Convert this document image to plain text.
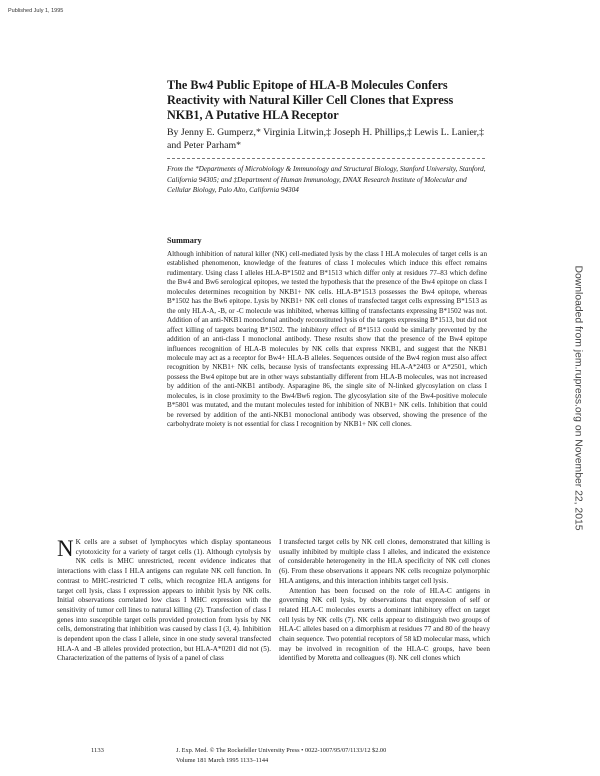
Published July 1, 1995
The Bw4 Public Epitope of HLA-B Molecules Confers Reactivity with Natural Killer Cell Clones that Express NKB1, A Putative HLA Receptor
By Jenny E. Gumperz,* Virginia Litwin,‡ Joseph H. Phillips,‡ Lewis L. Lanier,‡ and Peter Parham*
From the *Departments of Microbiology & Immunology and Structural Biology, Stanford University, Stanford, California 94305; and ‡Department of Human Immunology, DNAX Research Institute of Molecular and Cellular Biology, Palo Alto, California 94304
Summary
Although inhibition of natural killer (NK) cell-mediated lysis by the class I HLA molecules of target cells is an established phenomenon, knowledge of the features of class I molecules which induce this effect remains rudimentary. Using class I alleles HLA-B*1502 and B*1513 which differ only at residues 77–83 which define the Bw4 and Bw6 serological epitopes, we tested the hypothesis that the presence of the Bw4 epitope on class I molecules determines recognition by NKB1+ NK cells. HLA-B*1513 possesses the Bw4 epitope, whereas B*1502 has the Bw6 epitope. Lysis by NKB1+ NK cell clones of transfected target cells expressing B*1513 as the only HLA-A, -B, or -C molecule was inhibited, whereas killing of transfectants expressing B*1502 was not. Addition of an anti-NKB1 monoclonal antibody reconstituted lysis of the targets expressing B*1513, but did not affect killing of targets bearing B*1502. The inhibitory effect of B*1513 could be similarly prevented by the addition of an anti-class I monoclonal antibody. These results show that the presence of the Bw4 epitope influences recognition of HLA-B molecules by NK cells that express NKB1, and suggest that the NKB1 molecule may act as a receptor for Bw4+ HLA-B alleles. Sequences outside of the Bw4 region must also affect recognition by NKB1+ NK cells, because lysis of transfectants expressing HLA-A*2403 or A*2501, which possess the Bw4 epitope but are in other ways substantially different from HLA-B molecules, was not increased by addition of the anti-NKB1 antibody. Asparagine 86, the single site of N-linked glycosylation on class I molecules, is in close proximity to the Bw4/Bw6 region. The glycosylation site of the Bw4-positive molecule B*5801 was mutated, and the mutant molecules tested for inhibition of NKB1+ NK cells. Inhibition that could be reversed by addition of the anti-NKB1 monoclonal antibody was observed, showing the presence of the carbohydrate moiety is not essential for class I recognition by NKB1+ NK cell clones.

N K cells are a subset of lymphocytes which display spontaneous cytotoxicity for a variety of target cells (1). Although cytolysis by NK cells is MHC unrestricted, recent evidence indicates that interactions with class I HLA antigens can regulate NK cell function. In contrast to MHC-restricted T cells, which recognize HLA antigens for target cell lysis, class I expression appears to inhibit lysis by NK cells. Initial observations correlated low class I MHC expression with the sensitivity of tumor cell lines to natural killing (2). Transfection of class I genes into susceptible target cells provided protection from lysis by NK cells, demonstrating that inhibition was caused by class I (3, 4). Inhibition is dependent upon the class I allele, since in one study several transfected HLA-A and -B alleles provided protection, but HLA-A*0201 did not (5). Characterization of the patterns of lysis of a panel of class

I transfected target cells by NK cell clones, demonstrated that killing is usually inhibited by multiple class I alleles, and indicated the existence of considerable heterogeneity in the HLA specificity of NK cell clones (6). From these observations it appears NK cells recognize polymorphic HLA antigens, and this interaction inhibits target cell lysis.

Attention has been focused on the role of HLA-C antigens in governing NK cell lysis, by observations that expression of self or related HLA-C molecules exerts a dominant inhibitory effect on target cell lysis by NK cells (7). NK cells appear to distinguish two groups of HLA-C alleles based on a dimorphism at residues 77 and 80 of the heavy chain sequence. Two potential receptors of 58 kD molecular mass, which may be involved in recognition of the HLA-C groups, have been identified by Moretta and colleagues (8). NK cell clones which

1133	J. Exp. Med. © The Rockefeller University Press • 0022-1007/95/07/1133/12 $2.00
Volume 181 March 1995 1133–1144
Downloaded from jem.rupress.org on November 22, 2015
